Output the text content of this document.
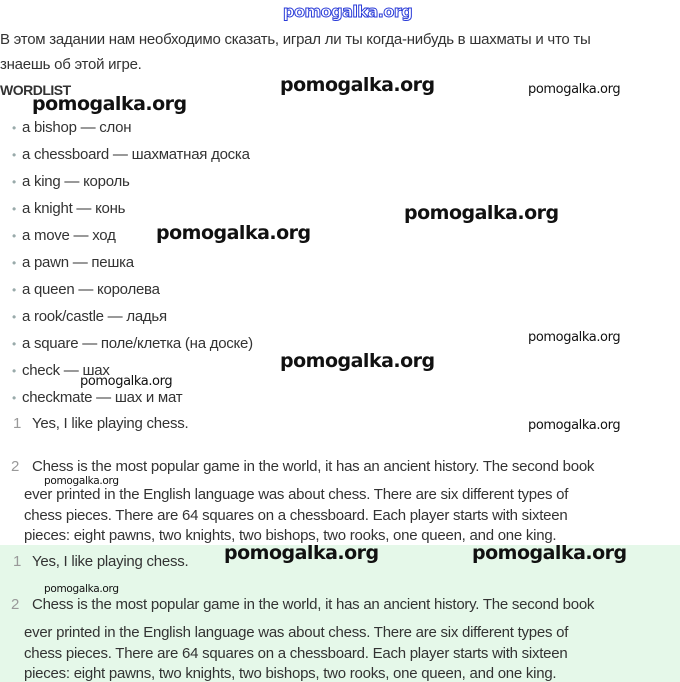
pomogalka.org
В этом задании нам необходимо сказать, играл ли ты когда-нибудь в шахматы и что ты
знаешь об этой игре.
WORDLIST
• a bishop — слон
• a chessboard — шахматная доска
• a king — король
• a knight — конь
• a move — ход
• a pawn — пешка
• a queen — королева
• a rook/castle — ладья
• a square — поле/клетка (на доске)
• check — шах
• checkmate — шах и мат
1 Yes, I like playing chess.
2 Chess is the most popular game in the world, it has an ancient history. The second book
ever printed in the English language was about chess. There are six different types of
chess pieces. There are 64 squares on a chessboard. Each player starts with sixteen
pieces: eight pawns, two knights, two bishops, two rooks, one queen, and one king.
1 Yes, I like playing chess.
2 Chess is the most popular game in the world, it has an ancient history. The second book
ever printed in the English language was about chess. There are six different types of
chess pieces. There are 64 squares on a chessboard. Each player starts with sixteen
pieces: eight pawns, two knights, two bishops, two rooks, one queen, and one king.
pomogalka.org	pomogalka.org
pomogalka.org
pomogalka.org
pomogalka.org
pomogalka.org
pomogalka.org
pomogalka.org
pomogalka.org
pomogalka.org
pomogalka.org	pomogalka.org
pomogalka.org
